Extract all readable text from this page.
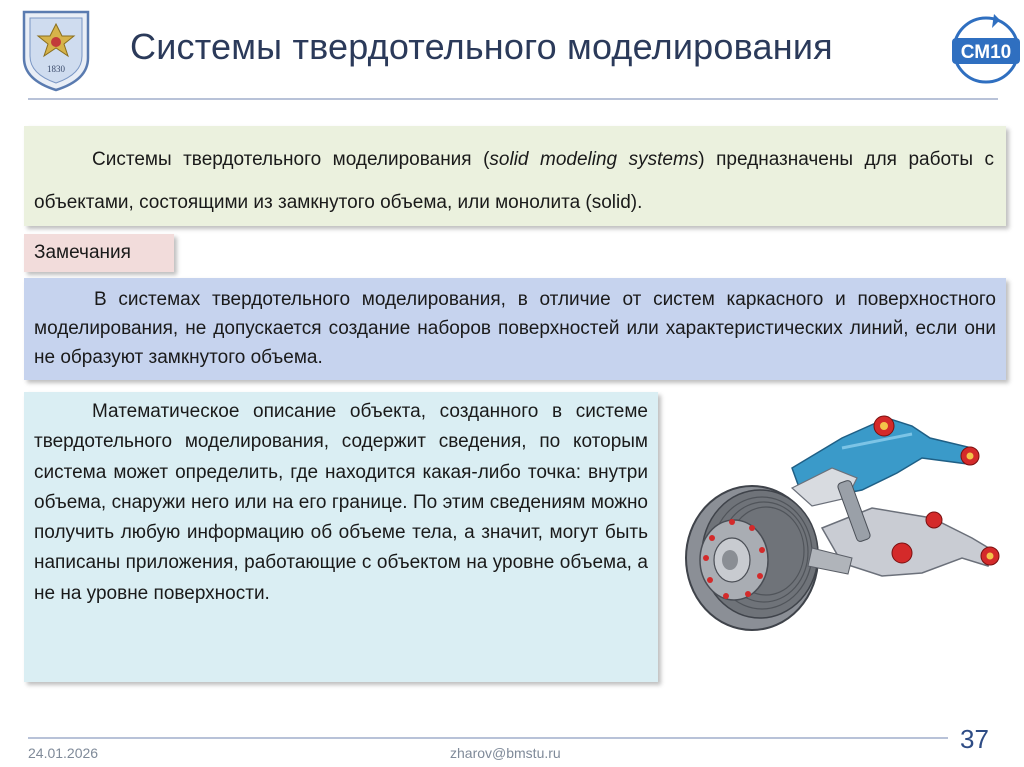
1830
Системы твердотельного моделирования	СМ10

Системы твердотельного моделирования (solid modeling systems) предназначены для работы с объектами, состоящими из замкнутого объема, или монолита (solid).

Замечания

В системах твердотельного моделирования, в отличие от систем каркасного и поверхностного моделирования, не допускается создание наборов поверхностей или характеристических линий, если они не образуют замкнутого объема.

Математическое описание объекта, созданного в системе твердотельного моделирования, содержит сведения, по которым система может определить, где находится какая-либо точка: внутри объема, снаружи него или на его границе. По этим сведениям можно получить любую информацию об объеме тела, а значит, могут быть написаны приложения, работающие с объектом на уровне объема, а не на уровне поверхности.

24.01.2026	zharov@bmstu.ru	37
